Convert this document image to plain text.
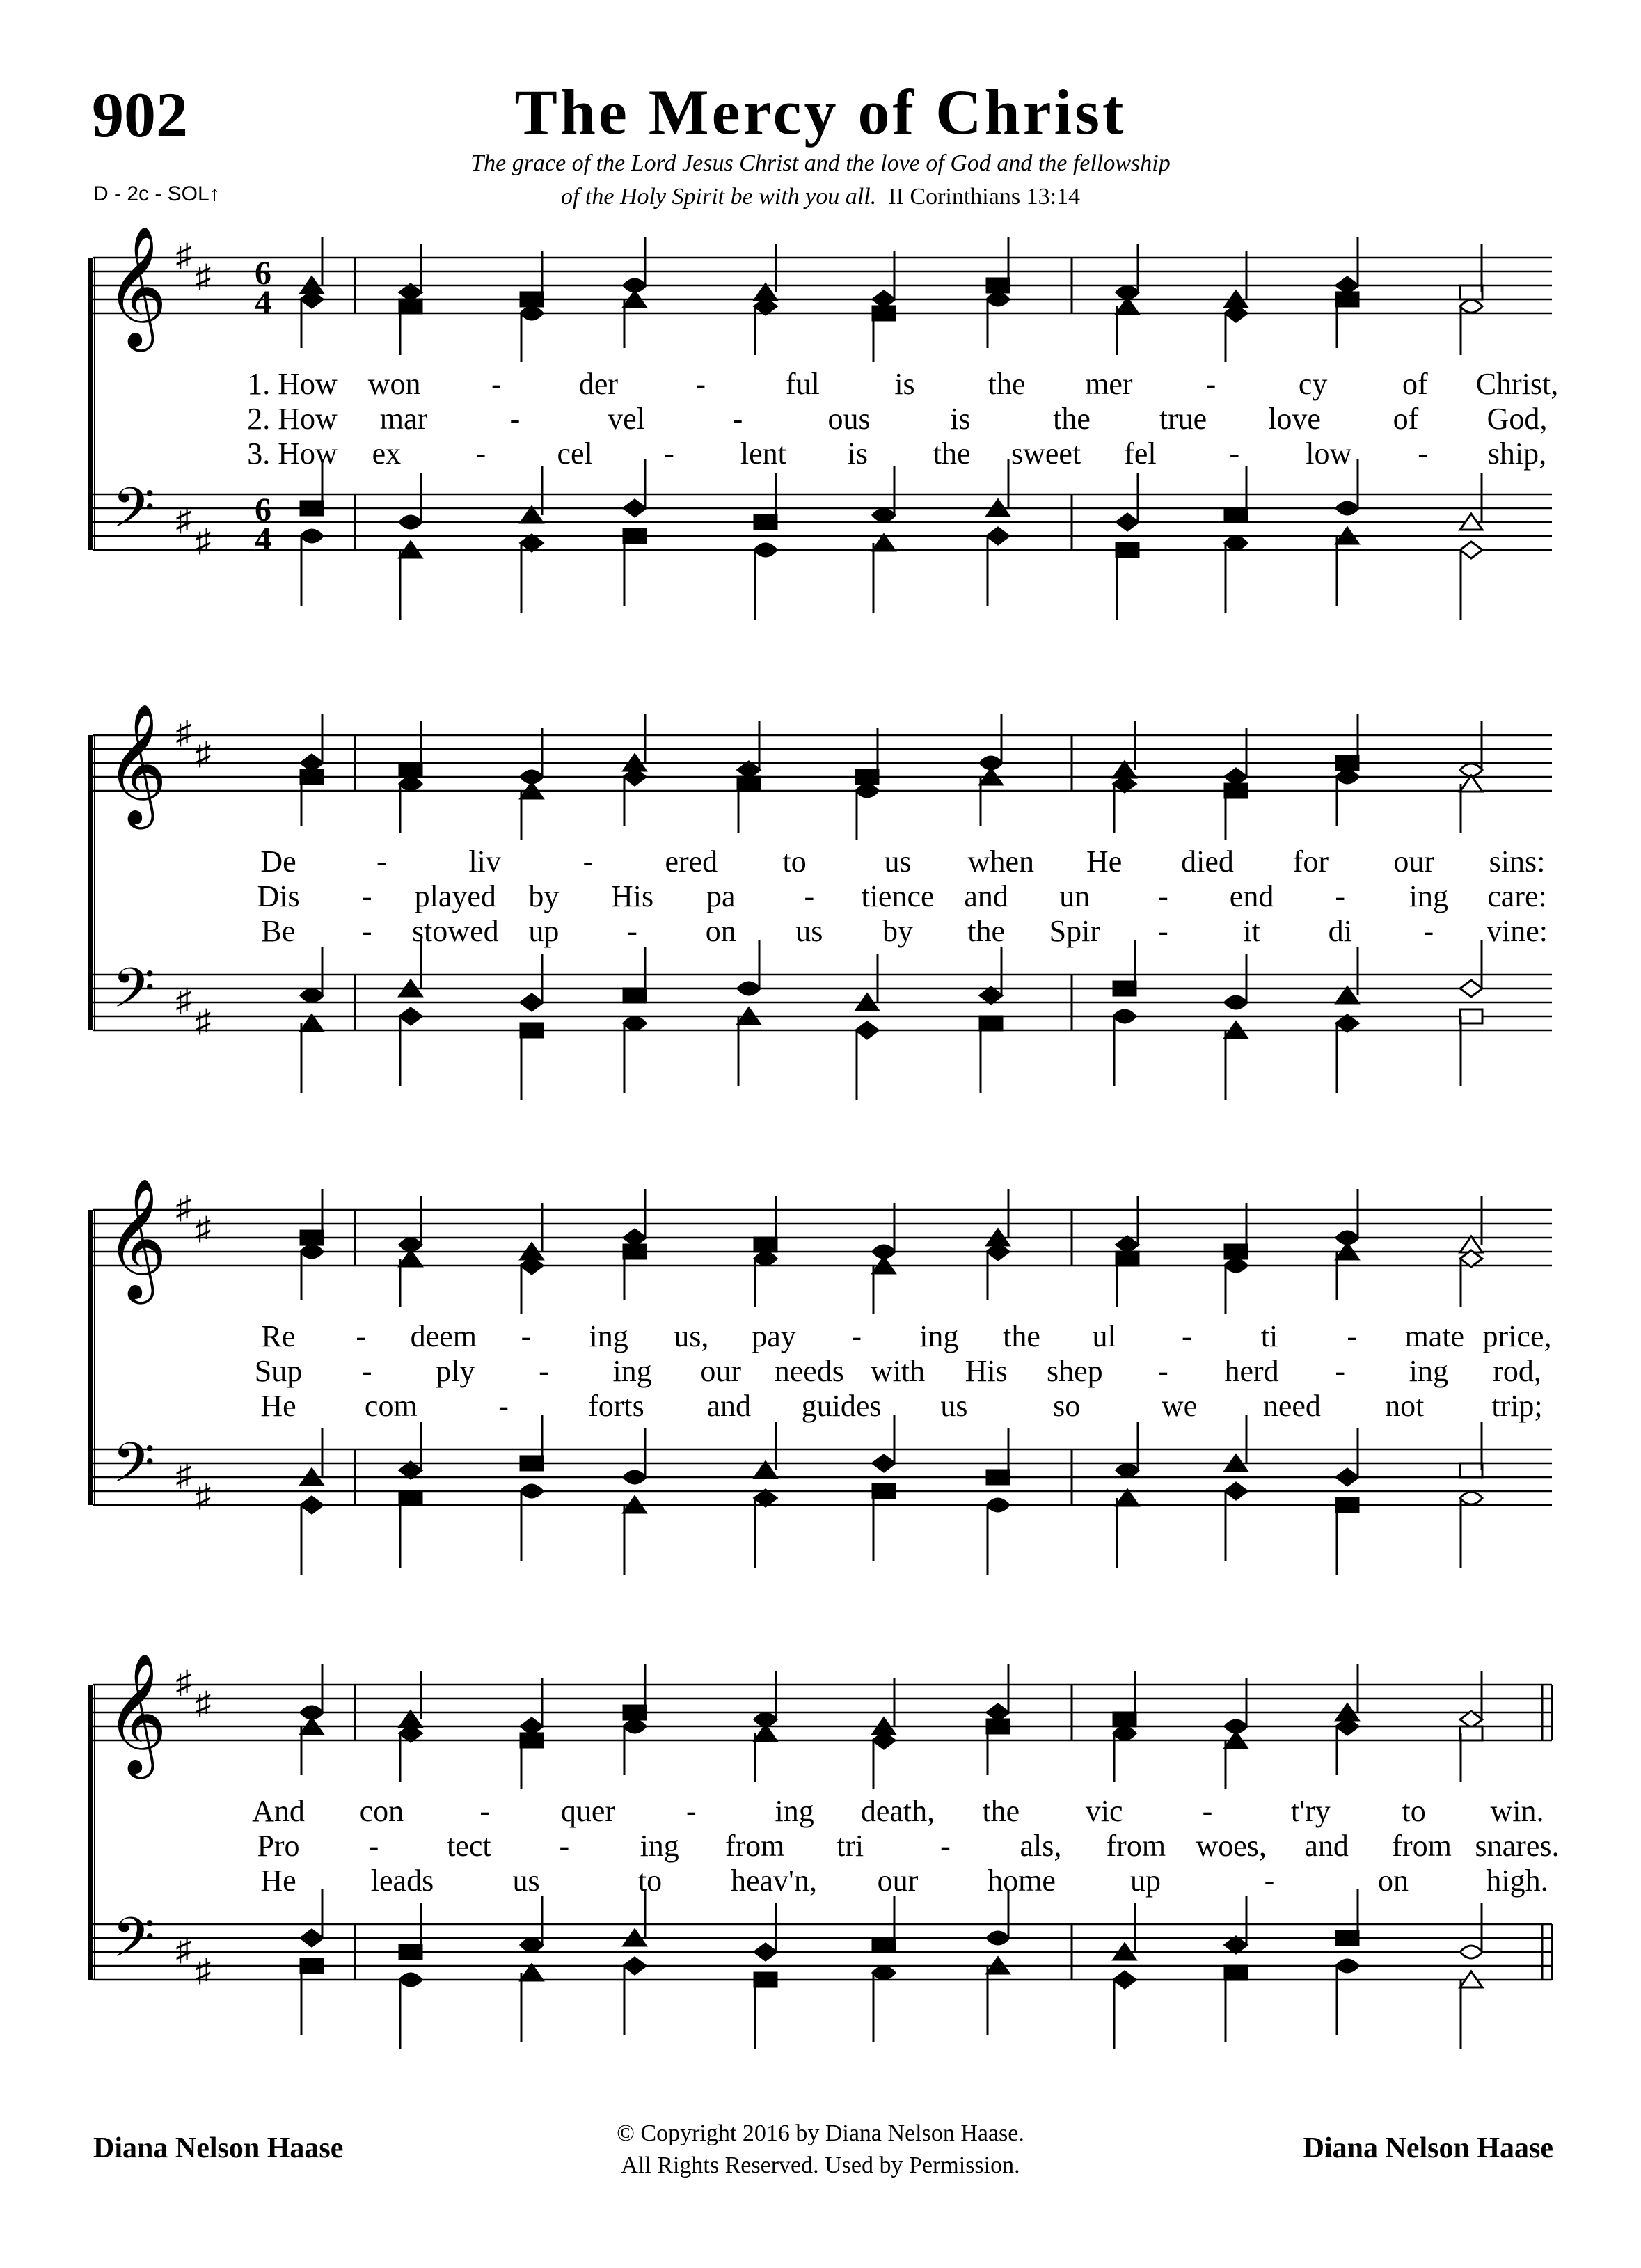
902	The Mercy of Christ
The grace of the Lord Jesus Christ and the love of God and the fellowship
of the Holy Spirit be with you all. II Corinthians 13:14
D - 2c - SOL↑
𝄞
𝄢
♯
♯
♯
♯
6
4
6
4
1. How won -	der	-	ful is the mer -	cy of Christ,
2. How mar	-	vel	-	ous	is	the true love of God,
3. How ex - cel - lent is the sweet fel - low - ship,
𝄞
𝄢
♯
♯
♯
♯
De	-	liv	- ered to	us when He died for our sins:
Dis - played by His pa - tience and un - end - ing care:
Be - stowed up - on us by the Spir - it di - vine:
𝄞
𝄢
♯
♯
♯
♯
Re - deem - ing us, pay - ing the ul - ti - mate price,
Sup - ply - ing our needs with His shep - herd - ing rod,
He com	-	forts and guides us	so	we need not trip;
𝄞
𝄢
♯
♯
♯
♯
And con - quer -	ing death, the vic	-	t'ry to win.
Pro - tect - ing from tri	- als, from woes, and from snares.
He leads	us	to heav'n, our home up	-	on	high.
Diana Nelson Haase	Diana Nelson Haase
© Copyright 2016 by Diana Nelson Haase.
All Rights Reserved. Used by Permission.
